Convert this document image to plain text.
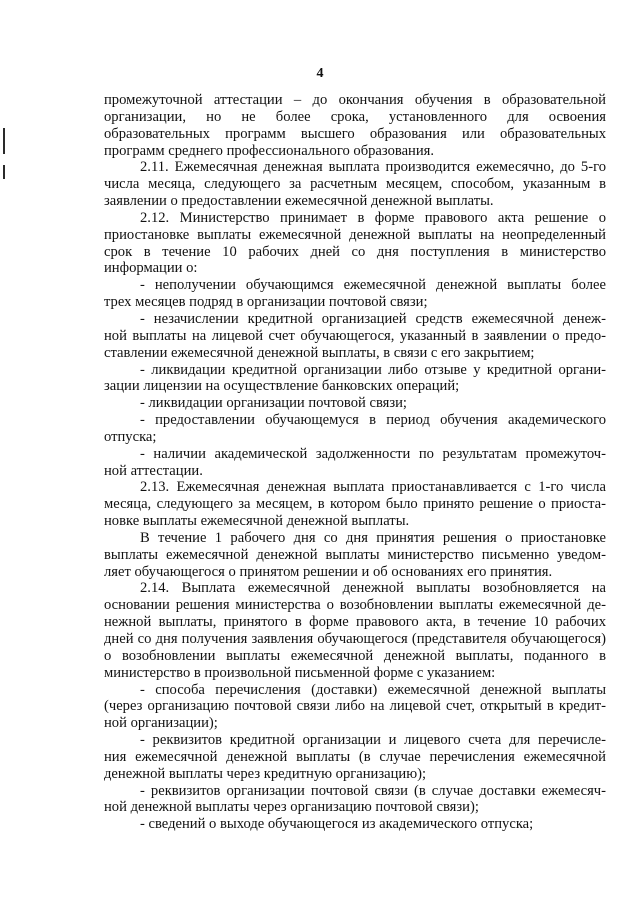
4
промежуточной аттестации – до окончания обучения в образовательной
организации, но не более срока, установленного для освоения
образовательных программ высшего образования или образовательных
программ среднего профессионального образования.
2.11. Ежемесячная денежная выплата производится ежемесячно, до 5-го
числа месяца, следующего за расчетным месяцем, способом, указанным в
заявлении о предоставлении ежемесячной денежной выплаты.
2.12. Министерство принимает в форме правового акта решение о
приостановке выплаты ежемесячной денежной выплаты на неопределенный
срок в течение 10 рабочих дней со дня поступления в министерство
информации о:
- неполучении обучающимся ежемесячной денежной выплаты более
трех месяцев подряд в организации почтовой связи;
- незачислении кредитной организацией средств ежемесячной денеж-
ной выплаты на лицевой счет обучающегося, указанный в заявлении о предо-
ставлении ежемесячной денежной выплаты, в связи с его закрытием;
- ликвидации кредитной организации либо отзыве у кредитной органи-
зации лицензии на осуществление банковских операций;
- ликвидации организации почтовой связи;
- предоставлении обучающемуся в период обучения академического
отпуска;
- наличии академической задолженности по результатам промежуточ-
ной аттестации.
2.13. Ежемесячная денежная выплата приостанавливается с 1-го числа
месяца, следующего за месяцем, в котором было принято решение о приоста-
новке выплаты ежемесячной денежной выплаты.
В течение 1 рабочего дня со дня принятия решения о приостановке
выплаты ежемесячной денежной выплаты министерство письменно уведом-
ляет обучающегося о принятом решении и об основаниях его принятия.
2.14. Выплата ежемесячной денежной выплаты возобновляется на
основании решения министерства о возобновлении выплаты ежемесячной де-
нежной выплаты, принятого в форме правового акта, в течение 10 рабочих
дней со дня получения заявления обучающегося (представителя обучающегося)
о возобновлении выплаты ежемесячной денежной выплаты, поданного в
министерство в произвольной письменной форме с указанием:
- способа перечисления (доставки) ежемесячной денежной выплаты
(через организацию почтовой связи либо на лицевой счет, открытый в кредит-
ной организации);
- реквизитов кредитной организации и лицевого счета для перечисле-
ния ежемесячной денежной выплаты (в случае перечисления ежемесячной
денежной выплаты через кредитную организацию);
- реквизитов организации почтовой связи (в случае доставки ежемесяч-
ной денежной выплаты через организацию почтовой связи);
- сведений о выходе обучающегося из академического отпуска;
